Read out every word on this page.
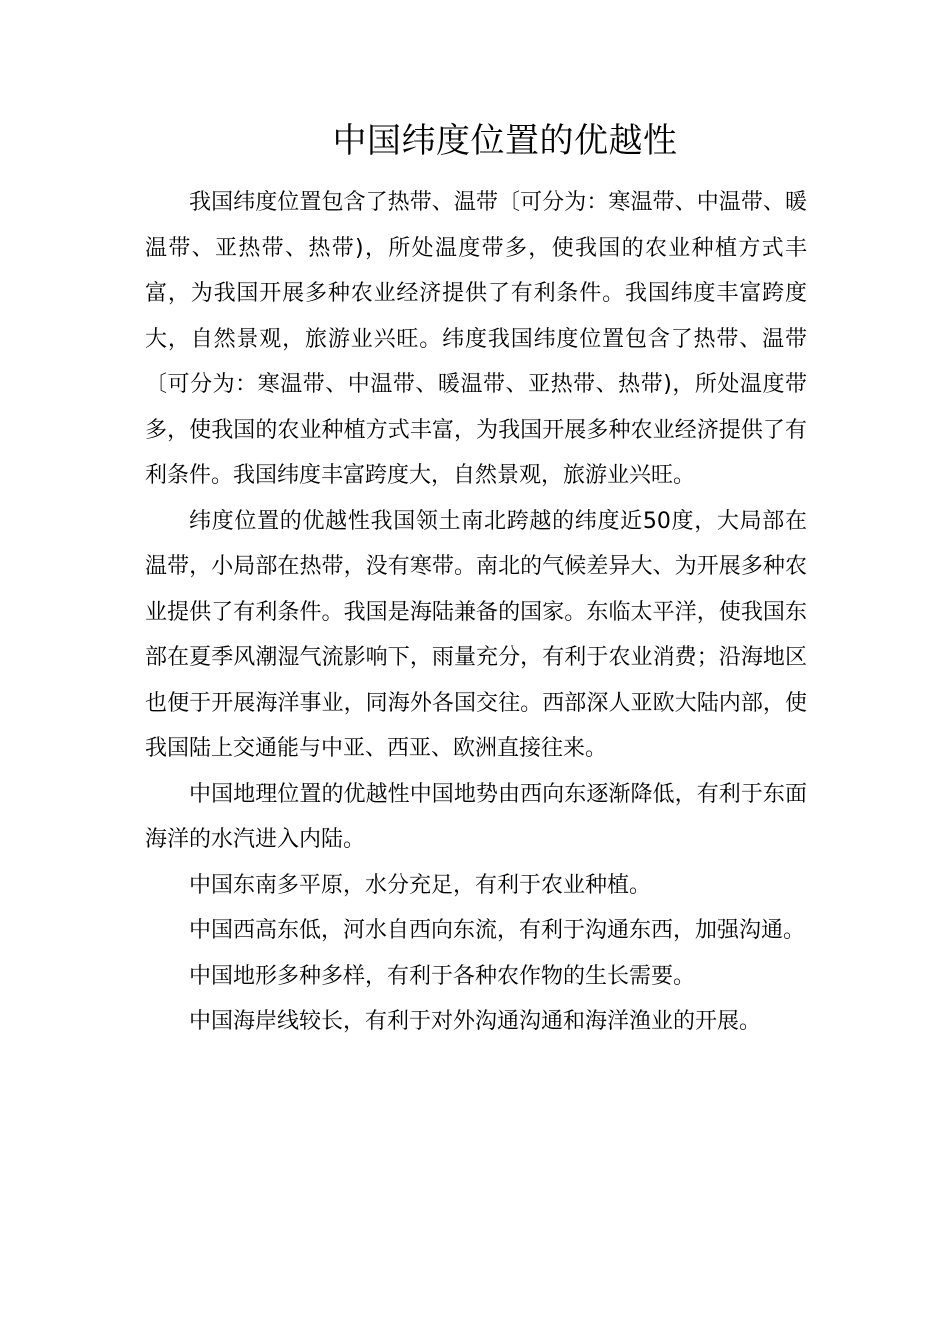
中国纬度位置的优越性

我国纬度位置包含了热带、温带〔可分为：寒温带、中温带、暖温带、亚热带、热带)，所处温度带多，使我国的农业种植方式丰富，为我国开展多种农业经济提供了有利条件。我国纬度丰富跨度大，自然景观，旅游业兴旺。纬度我国纬度位置包含了热带、温带〔可分为：寒温带、中温带、暖温带、亚热带、热带)，所处温度带多，使我国的农业种植方式丰富，为我国开展多种农业经济提供了有利条件。我国纬度丰富跨度大，自然景观，旅游业兴旺。

纬度位置的优越性我国领土南北跨越的纬度近50度，大局部在温带，小局部在热带，没有寒带。南北的气候差异大、为开展多种农业提供了有利条件。我国是海陆兼备的国家。东临太平洋，使我国东部在夏季风潮湿气流影响下，雨量充分，有利于农业消费；沿海地区也便于开展海洋事业，同海外各国交往。西部深人亚欧大陆内部，使我国陆上交通能与中亚、西亚、欧洲直接往来。

中国地理位置的优越性中国地势由西向东逐渐降低，有利于东面海洋的水汽进入内陆。

中国东南多平原，水分充足，有利于农业种植。

中国西高东低，河水自西向东流，有利于沟通东西，加强沟通。

中国地形多种多样，有利于各种农作物的生长需要。

中国海岸线较长，有利于对外沟通沟通和海洋渔业的开展。
